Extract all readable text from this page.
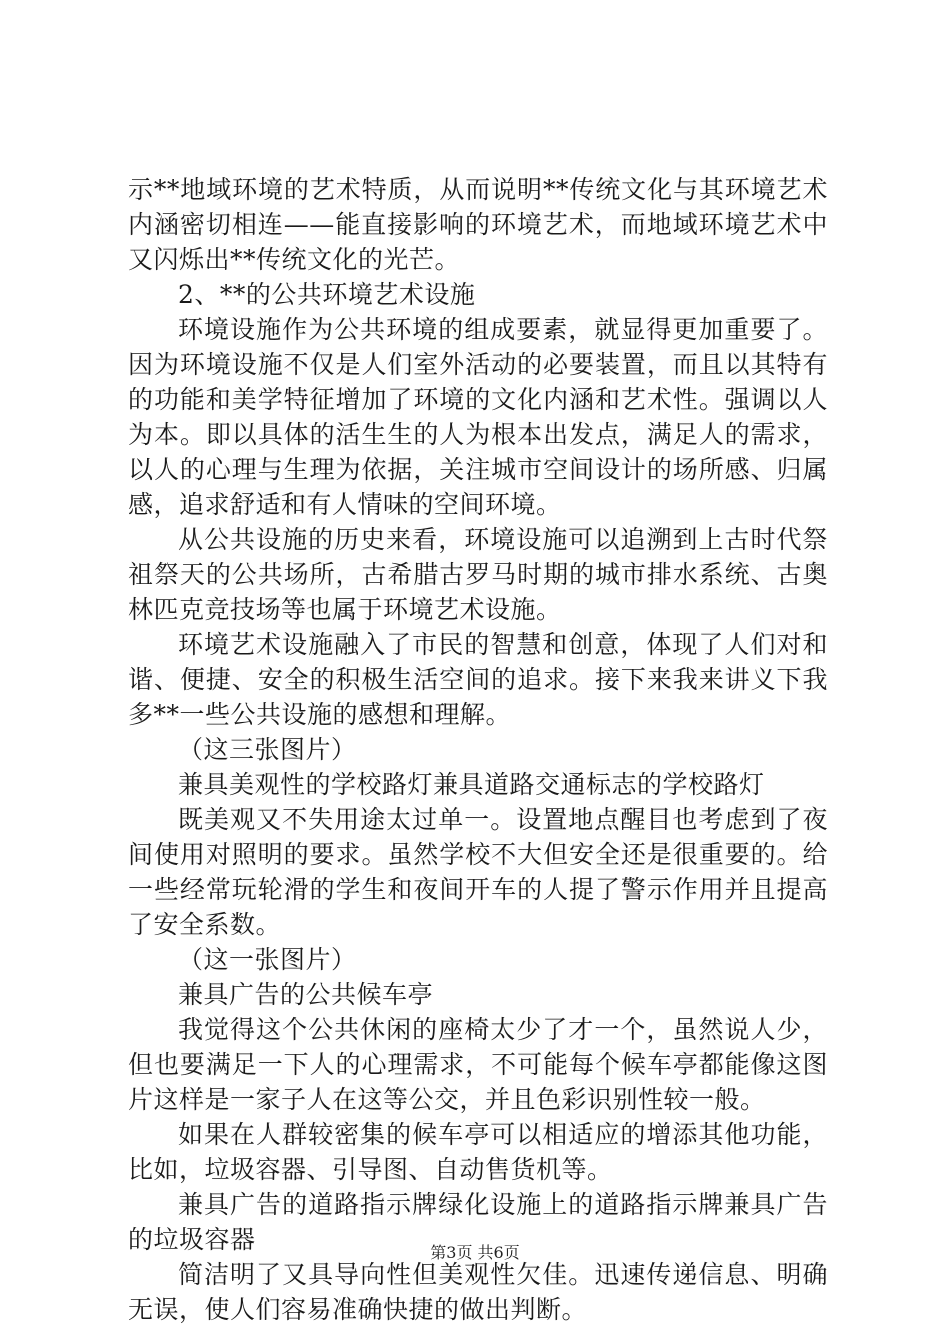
示**地域环境的艺术特质，从而说明**传统文化与其环境艺术内涵密切相连——能直接影响的环境艺术，而地域环境艺术中又闪烁出**传统文化的光芒。

2、**的公共环境艺术设施

环境设施作为公共环境的组成要素，就显得更加重要了。因为环境设施不仅是人们室外活动的必要装置，而且以其特有的功能和美学特征增加了环境的文化内涵和艺术性。强调以人为本。即以具体的活生生的人为根本出发点，满足人的需求，以人的心理与生理为依据，关注城市空间设计的场所感、归属感，追求舒适和有人情味的空间环境。

从公共设施的历史来看，环境设施可以追溯到上古时代祭祖祭天的公共场所，古希腊古罗马时期的城市排水系统、古奥林匹克竞技场等也属于环境艺术设施。

环境艺术设施融入了市民的智慧和创意，体现了人们对和谐、便捷、安全的积极生活空间的追求。接下来我来讲义下我多**一些公共设施的感想和理解。

（这三张图片）

兼具美观性的学校路灯兼具道路交通标志的学校路灯

既美观又不失用途太过单一。设置地点醒目也考虑到了夜间使用对照明的要求。虽然学校不大但安全还是很重要的。给一些经常玩轮滑的学生和夜间开车的人提了警示作用并且提高了安全系数。

（这一张图片）

兼具广告的公共候车亭

我觉得这个公共休闲的座椅太少了才一个，虽然说人少，但也要满足一下人的心理需求，不可能每个候车亭都能像这图片这样是一家子人在这等公交，并且色彩识别性较一般。

如果在人群较密集的候车亭可以相适应的增添其他功能，比如，垃圾容器、引导图、自动售货机等。

兼具广告的道路指示牌绿化设施上的道路指示牌兼具广告的垃圾容器

简洁明了又具导向性但美观性欠佳。迅速传递信息、明确无误，使人们容易准确快捷的做出判断。

第3页 共6页
